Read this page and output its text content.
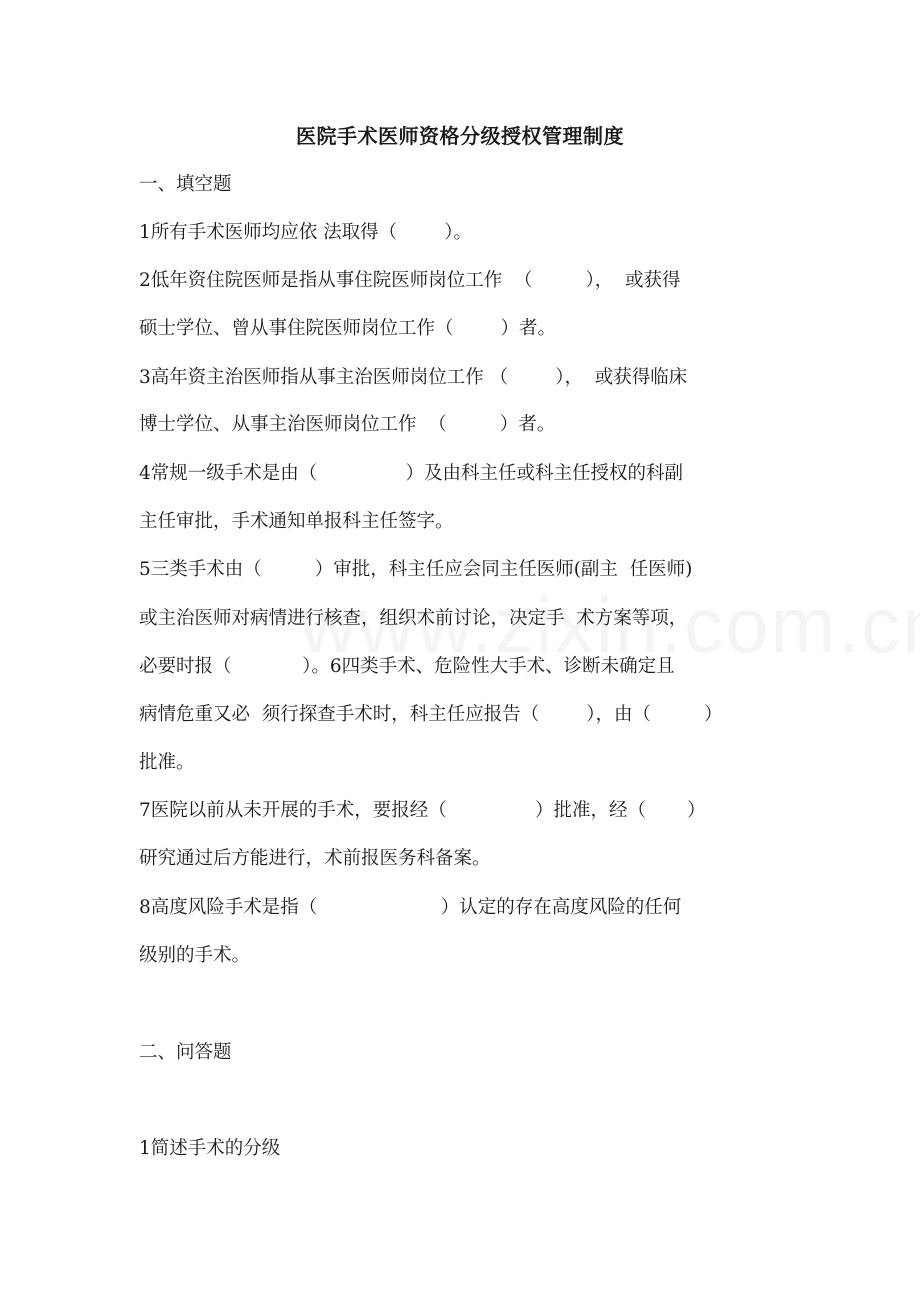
医院手术医师资格分级授权管理制度
一、填空题
1所有手术医师均应依 法取得（        ）。
2低年资住院医师是指从事住院医师岗位工作  （         ），  或获得
硕士学位、曾从事住院医师岗位工作（        ）者。
3高年资主治医师指从事主治医师岗位工作 （        ），  或获得临床
博士学位、从事主治医师岗位工作  （         ）者。
4常规一级手术是由（               ）及由科主任或科主任授权的科副
主任审批，手术通知单报科主任签字。
5三类手术由（         ）审批，科主任应会同主任医师(副主  任医师)
或主治医师对病情进行核查，组织术前讨论，决定手  术方案等项，
必要时报（            ）。6四类手术、危险性大手术、诊断未确定且
病情危重又必  须行探查手术时，科主任应报告（        ），由（         ）
批准。
7医院以前从未开展的手术，要报经（               ）批准，经（       ）
研究通过后方能进行，术前报医务科备案。
8高度风险手术是指（                     ）认定的存在高度风险的任何
级别的手术。
二、问答题
1简述手术的分级
